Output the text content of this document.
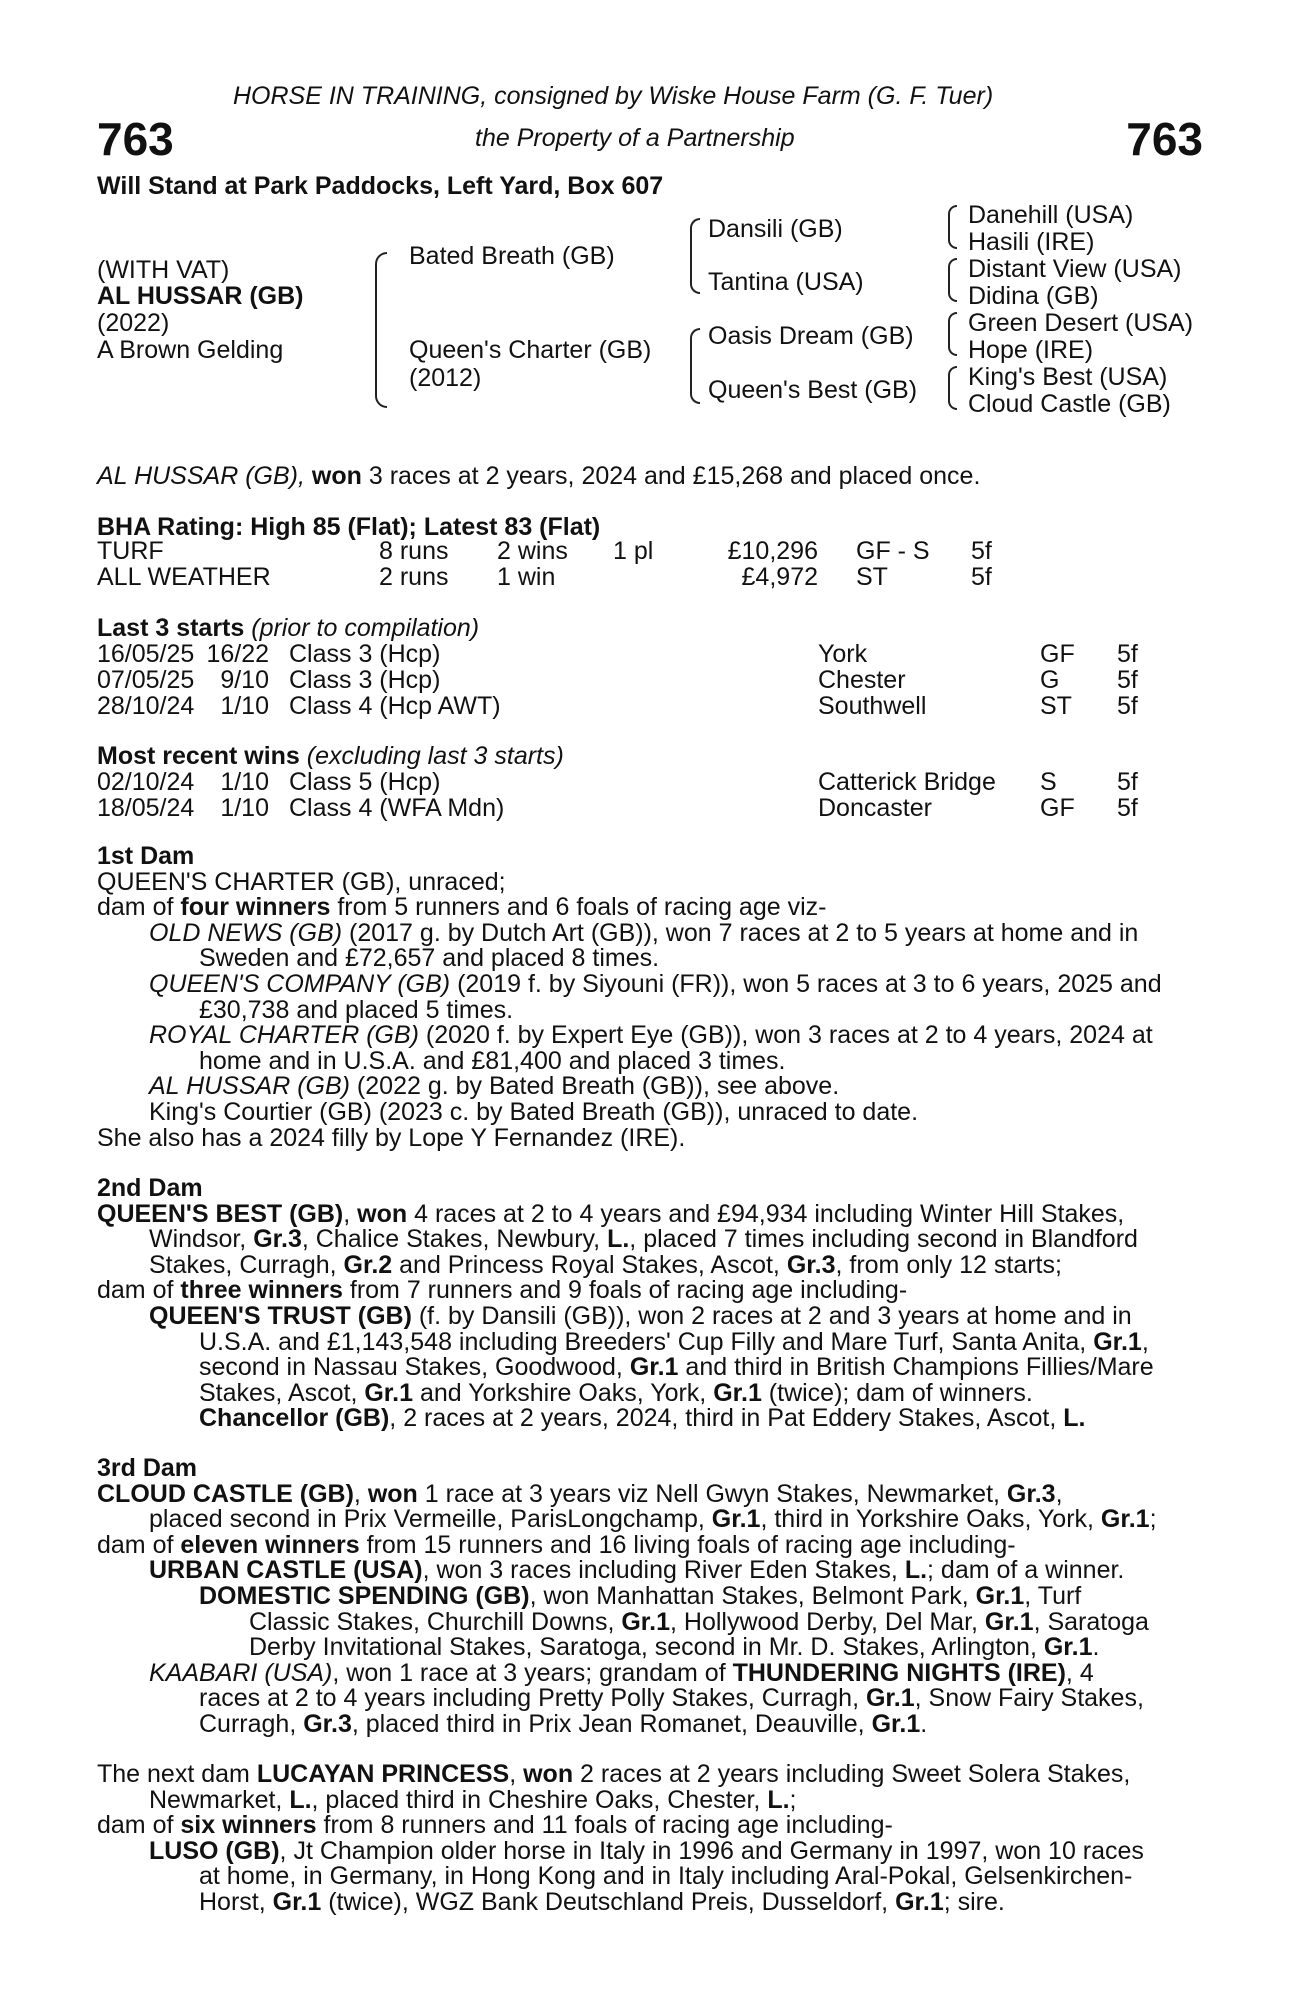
HORSE IN TRAINING, consigned by Wiske House Farm (G. F. Tuer)
763	the Property of a Partnership	763
Will Stand at Park Paddocks, Left Yard, Box 607
(WITH VAT)
AL HUSSAR (GB)
(2022)
A Brown Gelding
Bated Breath (GB)
Queen's Charter (GB)
(2012)
Dansili (GB)
Tantina (USA)
Oasis Dream (GB)
Queen's Best (GB)
Danehill (USA)
Hasili (IRE)
Distant View (USA)
Didina (GB)
Green Desert (USA)
Hope (IRE)
King's Best (USA)
Cloud Castle (GB)
AL HUSSAR (GB), won 3 races at 2 years, 2024 and £15,268 and placed once.
BHA Rating: High 85 (Flat); Latest 83 (Flat)
TURF	8 runs 2 wins 1 pl	£10,296 GF - S 5f
ALL WEATHER	2 runs 1 win	£4,972 ST	5f
Last 3 starts (prior to compilation)
16/05/25 16/22 Class 3 (Hcp)	York	GF 5f
07/05/25 9/10 Class 3 (Hcp)	Chester	G 5f
28/10/24 1/10 Class 4 (Hcp AWT)	Southwell	ST 5f
Most recent wins (excluding last 3 starts)
02/10/24 1/10 Class 5 (Hcp)	Catterick Bridge S 5f
18/05/24 1/10 Class 4 (WFA Mdn)	Doncaster	GF 5f
1st Dam
QUEEN'S CHARTER (GB), unraced;
dam of four winners from 5 runners and 6 foals of racing age viz-
OLD NEWS (GB) (2017 g. by Dutch Art (GB)), won 7 races at 2 to 5 years at home and in
Sweden and £72,657 and placed 8 times.
QUEEN'S COMPANY (GB) (2019 f. by Siyouni (FR)), won 5 races at 3 to 6 years, 2025 and
£30,738 and placed 5 times.
ROYAL CHARTER (GB) (2020 f. by Expert Eye (GB)), won 3 races at 2 to 4 years, 2024 at
home and in U.S.A. and £81,400 and placed 3 times.
AL HUSSAR (GB) (2022 g. by Bated Breath (GB)), see above.
King's Courtier (GB) (2023 c. by Bated Breath (GB)), unraced to date.
She also has a 2024 filly by Lope Y Fernandez (IRE).
2nd Dam
QUEEN'S BEST (GB), won 4 races at 2 to 4 years and £94,934 including Winter Hill Stakes,
Windsor, Gr.3, Chalice Stakes, Newbury, L., placed 7 times including second in Blandford
Stakes, Curragh, Gr.2 and Princess Royal Stakes, Ascot, Gr.3, from only 12 starts;
dam of three winners from 7 runners and 9 foals of racing age including-
QUEEN'S TRUST (GB) (f. by Dansili (GB)), won 2 races at 2 and 3 years at home and in
U.S.A. and £1,143,548 including Breeders' Cup Filly and Mare Turf, Santa Anita, Gr.1,
second in Nassau Stakes, Goodwood, Gr.1 and third in British Champions Fillies/Mare
Stakes, Ascot, Gr.1 and Yorkshire Oaks, York, Gr.1 (twice); dam of winners.
Chancellor (GB), 2 races at 2 years, 2024, third in Pat Eddery Stakes, Ascot, L.
3rd Dam
CLOUD CASTLE (GB), won 1 race at 3 years viz Nell Gwyn Stakes, Newmarket, Gr.3,
placed second in Prix Vermeille, ParisLongchamp, Gr.1, third in Yorkshire Oaks, York, Gr.1;
dam of eleven winners from 15 runners and 16 living foals of racing age including-
URBAN CASTLE (USA), won 3 races including River Eden Stakes, L.; dam of a winner.
DOMESTIC SPENDING (GB), won Manhattan Stakes, Belmont Park, Gr.1, Turf
Classic Stakes, Churchill Downs, Gr.1, Hollywood Derby, Del Mar, Gr.1, Saratoga
Derby Invitational Stakes, Saratoga, second in Mr. D. Stakes, Arlington, Gr.1.
KAABARI (USA), won 1 race at 3 years; grandam of THUNDERING NIGHTS (IRE), 4
races at 2 to 4 years including Pretty Polly Stakes, Curragh, Gr.1, Snow Fairy Stakes,
Curragh, Gr.3, placed third in Prix Jean Romanet, Deauville, Gr.1.
The next dam LUCAYAN PRINCESS, won 2 races at 2 years including Sweet Solera Stakes,
Newmarket, L., placed third in Cheshire Oaks, Chester, L.;
dam of six winners from 8 runners and 11 foals of racing age including-
LUSO (GB), Jt Champion older horse in Italy in 1996 and Germany in 1997, won 10 races
at home, in Germany, in Hong Kong and in Italy including Aral-Pokal, Gelsenkirchen-
Horst, Gr.1 (twice), WGZ Bank Deutschland Preis, Dusseldorf, Gr.1; sire.
